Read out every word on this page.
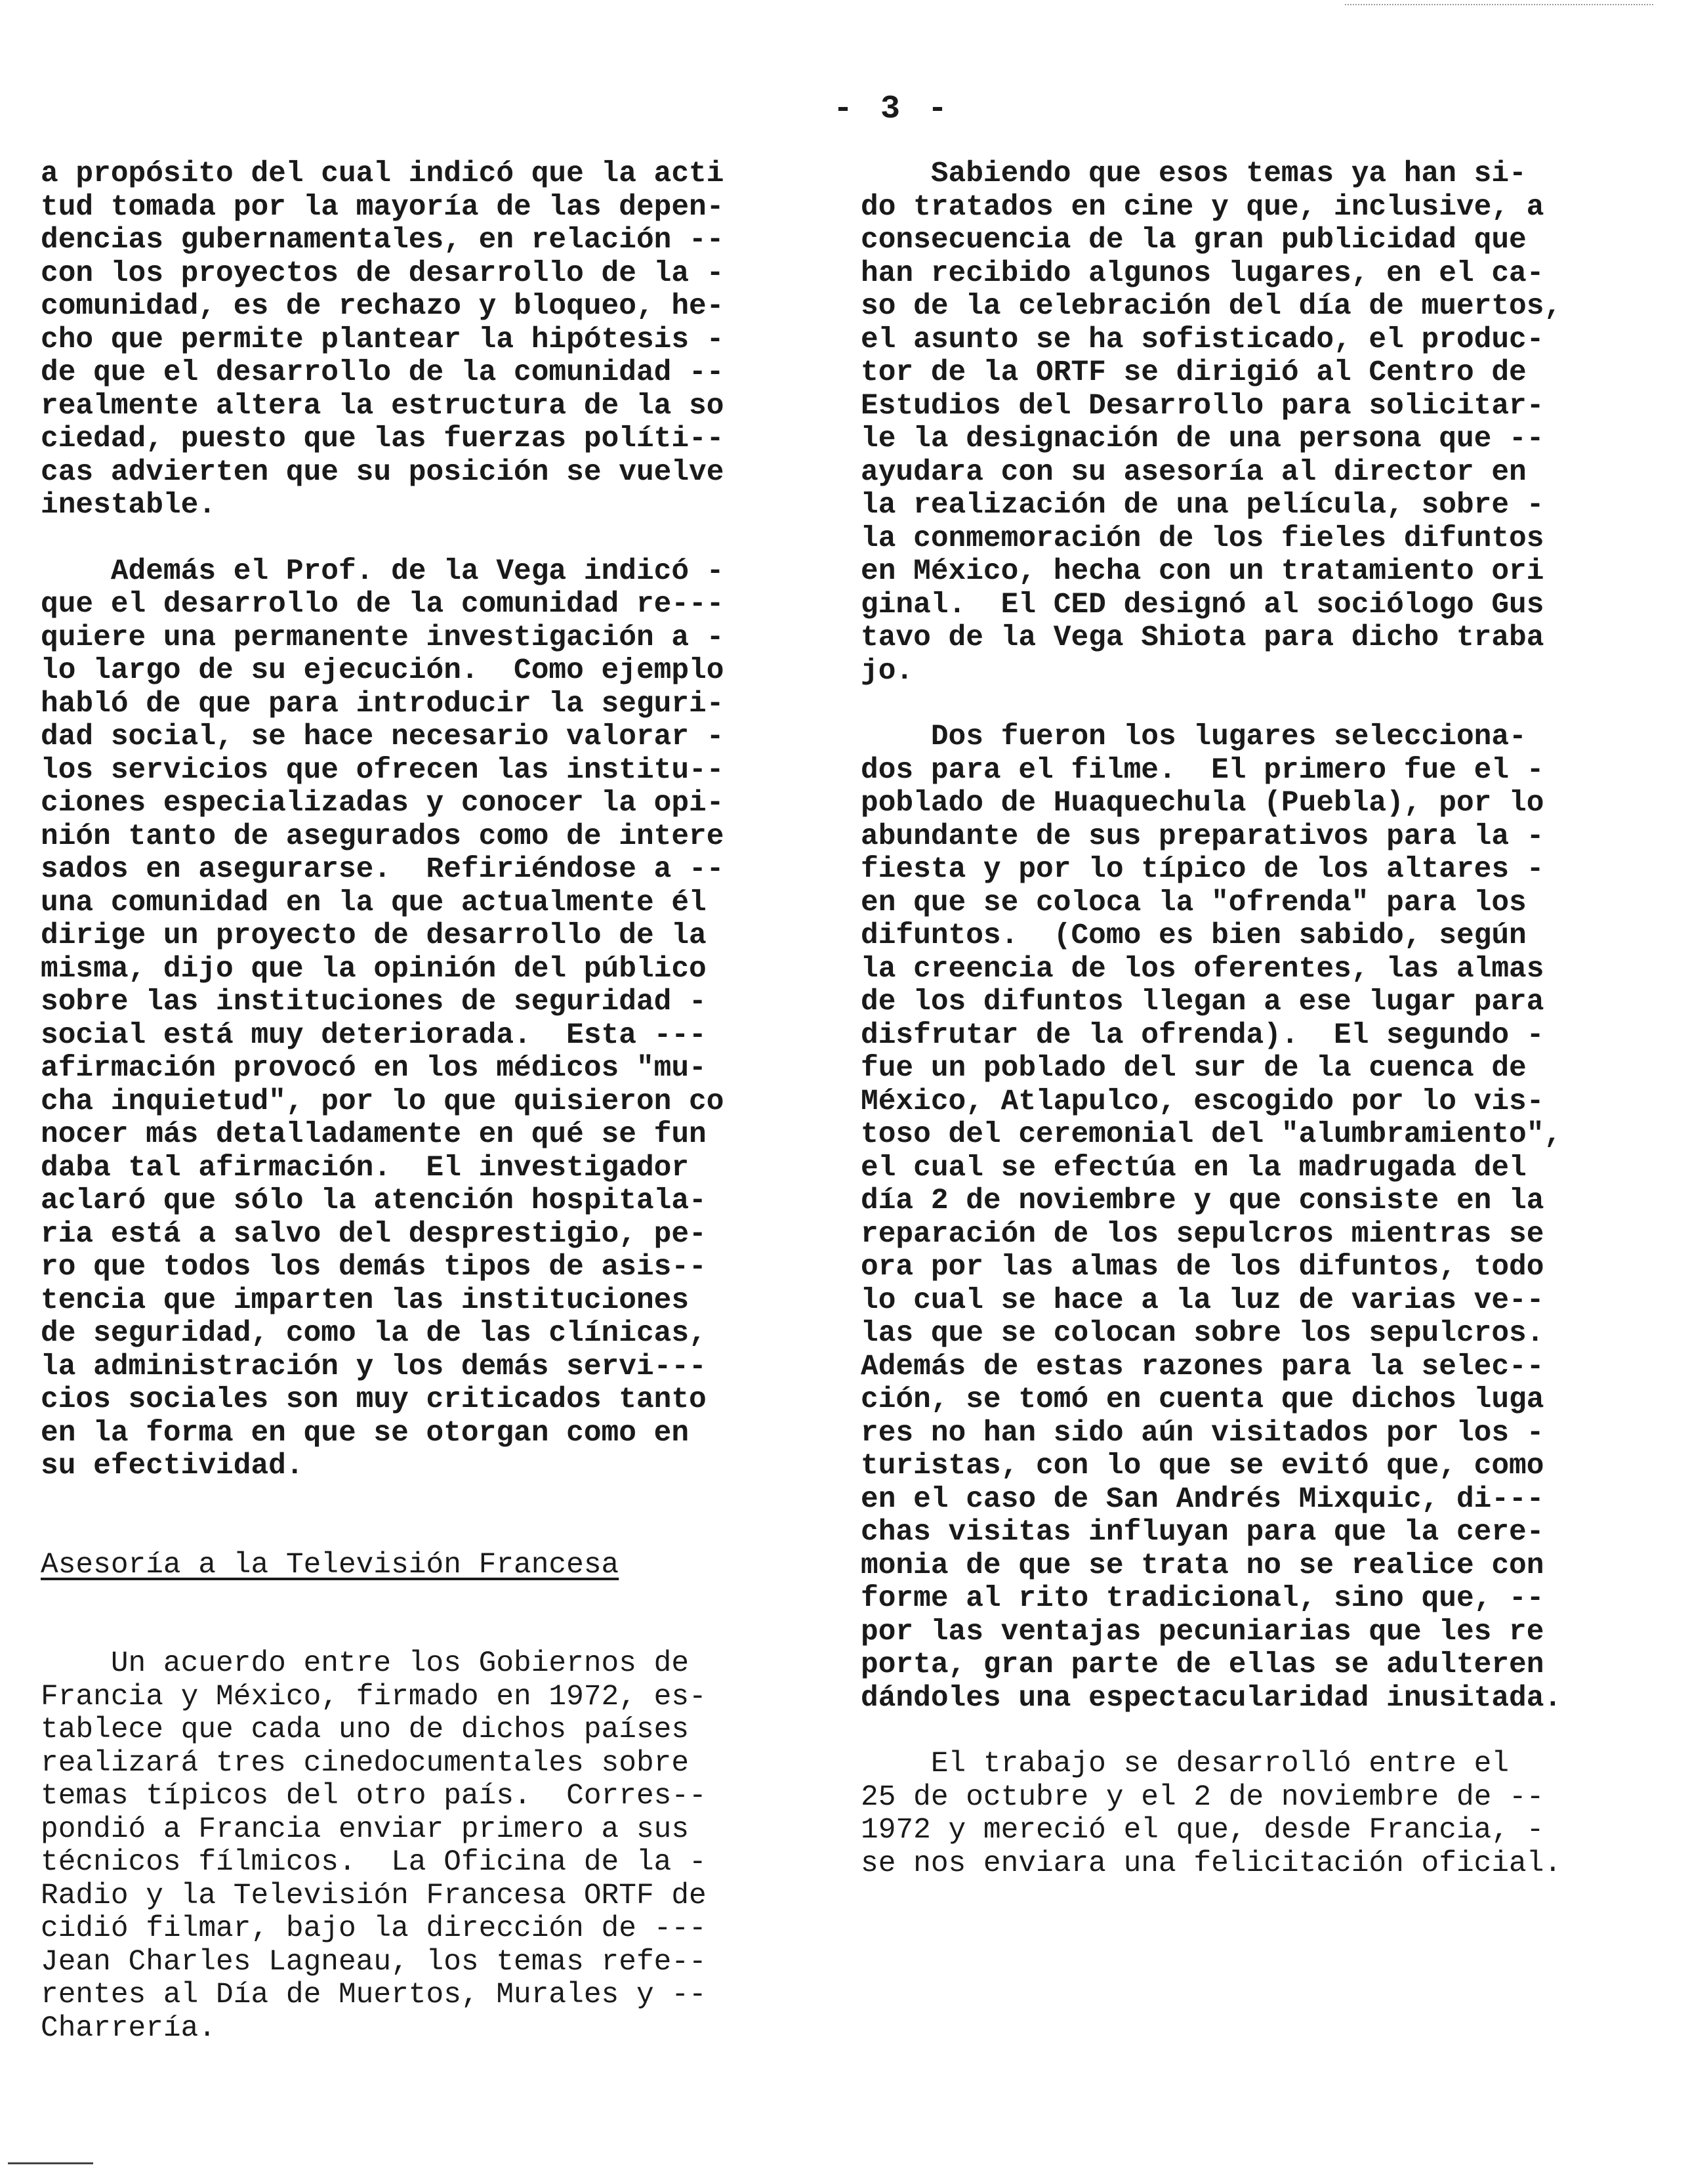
- 3 -
a propósito del cual indicó que la acti
tud tomada por la mayoría de las depen-
dencias gubernamentales, en relación --
con los proyectos de desarrollo de la -
comunidad, es de rechazo y bloqueo, he-
cho que permite plantear la hipótesis -
de que el desarrollo de la comunidad --
realmente altera la estructura de la so
ciedad, puesto que las fuerzas políti--
cas advierten que su posición se vuelve
inestable.
Además el Prof. de la Vega indicó -
que el desarrollo de la comunidad re---
quiere una permanente investigación a -
lo largo de su ejecución.  Como ejemplo
habló de que para introducir la seguri-
dad social, se hace necesario valorar -
los servicios que ofrecen las institu--
ciones especializadas y conocer la opi-
nión tanto de asegurados como de intere
sados en asegurarse.  Refiriéndose a --
una comunidad en la que actualmente él
dirige un proyecto de desarrollo de la
misma, dijo que la opinión del público
sobre las instituciones de seguridad -
social está muy deteriorada.  Esta ---
afirmación provocó en los médicos "mu-
cha inquietud", por lo que quisieron co
nocer más detalladamente en qué se fun
daba tal afirmación.  El investigador
aclaró que sólo la atención hospitala-
ria está a salvo del desprestigio, pe-
ro que todos los demás tipos de asis--
tencia que imparten las instituciones
de seguridad, como la de las clínicas,
la administración y los demás servi---
cios sociales son muy criticados tanto
en la forma en que se otorgan como en
su efectividad.
Asesoría a la Televisión Francesa
Un acuerdo entre los Gobiernos de
Francia y México, firmado en 1972, es-
tablece que cada uno de dichos países
realizará tres cinedocumentales sobre
temas típicos del otro país.  Corres--
pondió a Francia enviar primero a sus
técnicos fílmicos.  La Oficina de la -
Radio y la Televisión Francesa ORTF de
cidió filmar, bajo la dirección de ---
Jean Charles Lagneau, los temas refe--
rentes al Día de Muertos, Murales y --
Charrería.
Sabiendo que esos temas ya han si-
do tratados en cine y que, inclusive, a
consecuencia de la gran publicidad que
han recibido algunos lugares, en el ca-
so de la celebración del día de muertos,
el asunto se ha sofisticado, el produc-
tor de la ORTF se dirigió al Centro de
Estudios del Desarrollo para solicitar-
le la designación de una persona que --
ayudara con su asesoría al director en
la realización de una película, sobre -
la conmemoración de los fieles difuntos
en México, hecha con un tratamiento ori
ginal.  El CED designó al sociólogo Gus
tavo de la Vega Shiota para dicho traba
jo.
Dos fueron los lugares selecciona-
dos para el filme.  El primero fue el -
poblado de Huaquechula (Puebla), por lo
abundante de sus preparativos para la -
fiesta y por lo típico de los altares -
en que se coloca la "ofrenda" para los
difuntos.  (Como es bien sabido, según
la creencia de los oferentes, las almas
de los difuntos llegan a ese lugar para
disfrutar de la ofrenda).  El segundo -
fue un poblado del sur de la cuenca de
México, Atlapulco, escogido por lo vis-
toso del ceremonial del "alumbramiento",
el cual se efectúa en la madrugada del
día 2 de noviembre y que consiste en la
reparación de los sepulcros mientras se
ora por las almas de los difuntos, todo
lo cual se hace a la luz de varias ve--
las que se colocan sobre los sepulcros.
Además de estas razones para la selec--
ción, se tomó en cuenta que dichos luga
res no han sido aún visitados por los -
turistas, con lo que se evitó que, como
en el caso de San Andrés Mixquic, di---
chas visitas influyan para que la cere-
monia de que se trata no se realice con
forme al rito tradicional, sino que, --
por las ventajas pecuniarias que les re
porta, gran parte de ellas se adulteren
dándoles una espectacularidad inusitada.
El trabajo se desarrolló entre el
25 de octubre y el 2 de noviembre de --
1972 y mereció el que, desde Francia, -
se nos enviara una felicitación oficial.
